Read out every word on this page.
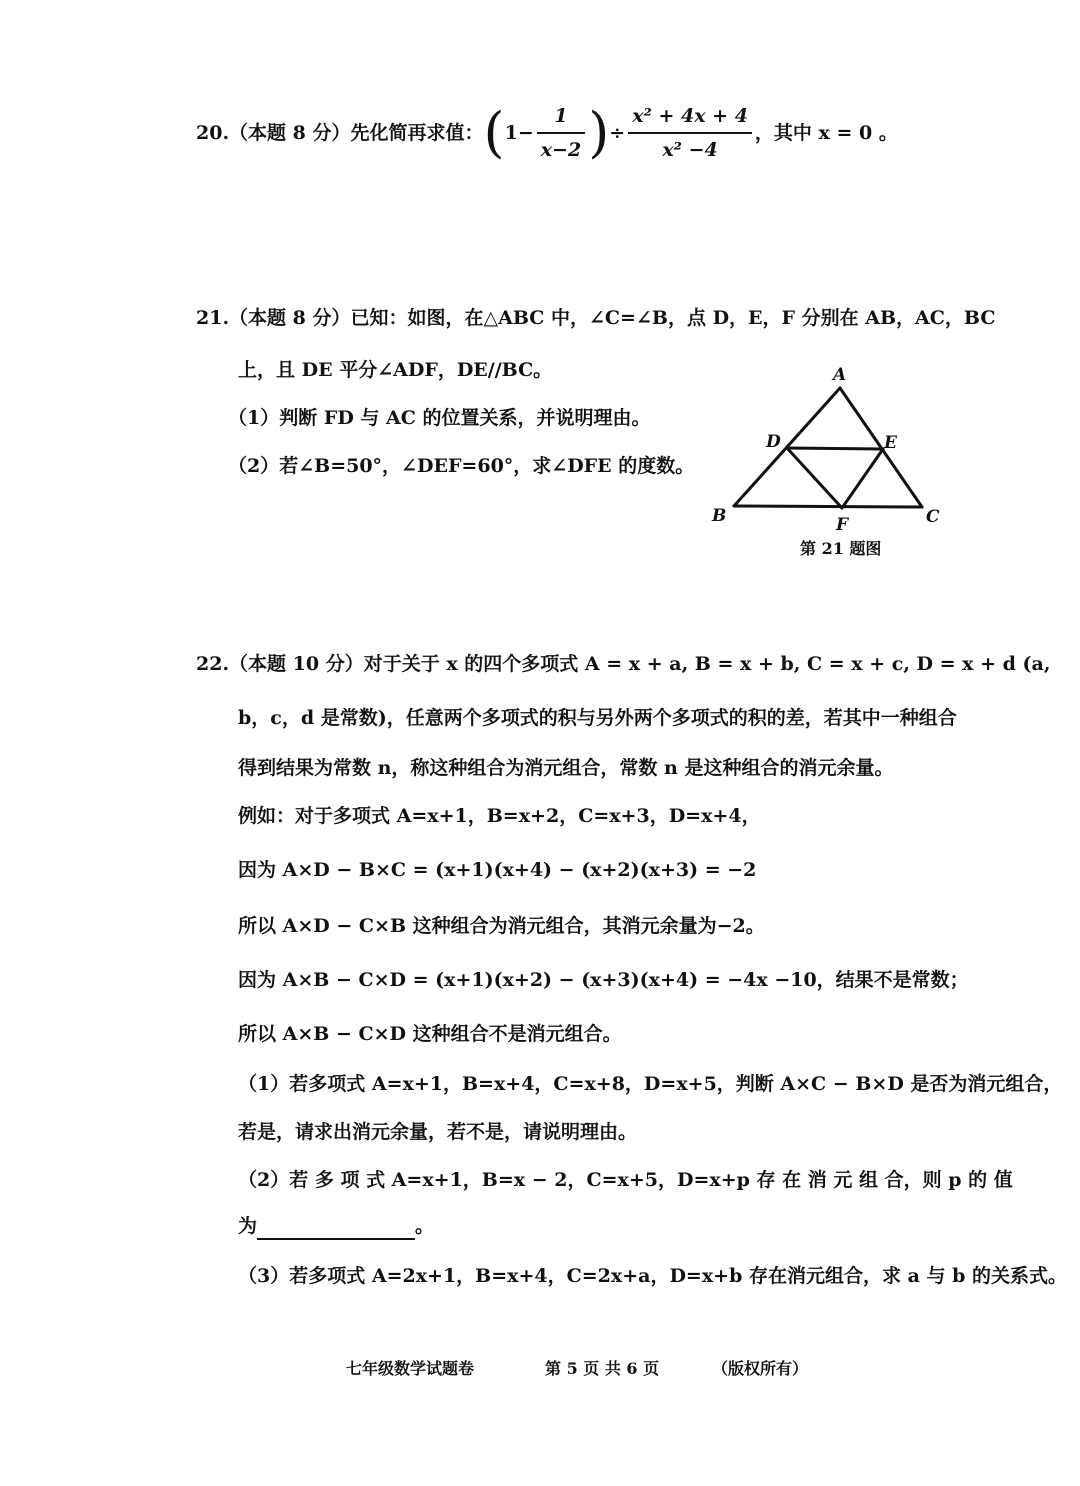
20.（本题 8 分）先化简再求值： ( $1- \frac{1}{x-2}$ ) ÷ $\frac{\text{x² + 4x + 4}}{\text{x² −4}}$ ，其中 x = 0 。
21.（本题 8 分）已知：如图，在△ABC 中，∠C=∠B，点 D，E，F 分别在 AB，AC，BC
上，且 DE 平分∠ADF，DE//BC。
（1）判断 FD 与 AC 的位置关系，并说明理由。
（2）若∠B=50°，∠DEF=60°，求∠DFE 的度数。
A
B	C
D	E
F
第 21 题图
22.（本题 10 分）对于关于 x 的四个多项式 A = x + a, B = x + b, C = x + c, D = x + d (a,
b，c，d 是常数)，任意两个多项式的积与另外两个多项式的积的差，若其中一种组合
得到结果为常数 n，称这种组合为消元组合，常数 n 是这种组合的消元余量。
例如：对于多项式 A=x+1，B=x+2，C=x+3，D=x+4，
因为 A×D − B×C = (x+1)(x+4) − (x+2)(x+3) = −2
所以 A×D − C×B 这种组合为消元组合，其消元余量为−2。
因为 A×B − C×D = (x+1)(x+2) − (x+3)(x+4) = −4x −10，结果不是常数；
所以 A×B − C×D 这种组合不是消元组合。
（1）若多项式 A=x+1，B=x+4，C=x+8，D=x+5，判断 A×C − B×D 是否为消元组合，
若是，请求出消元余量，若不是，请说明理由。
（2）若 多 项 式 A=x+1，B=x − 2，C=x+5，D=x+p 存 在 消 元 组 合，则 p 的 值
为	。
（3）若多项式 A=2x+1，B=x+4，C=2x+a，D=x+b 存在消元组合，求 a 与 b 的关系式。
七年级数学试题卷	第 5 页 共 6 页	（版权所有）
